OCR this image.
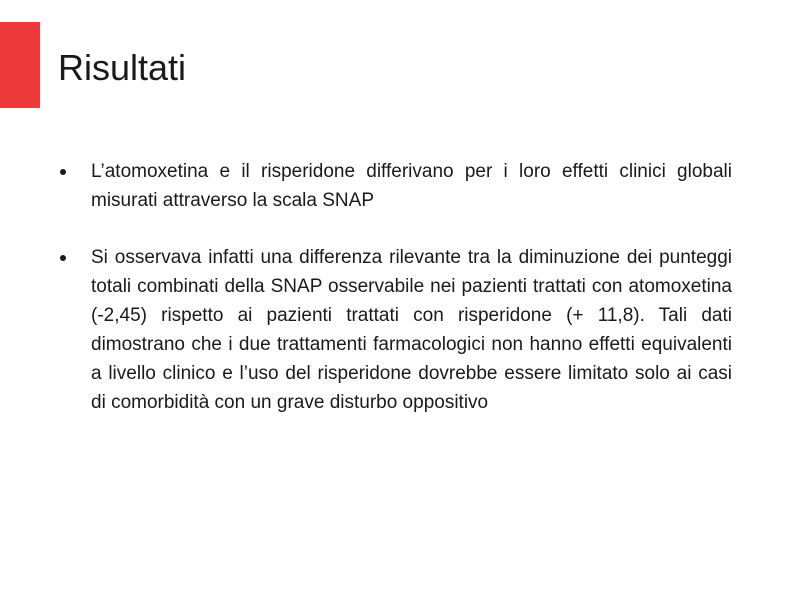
Risultati
L’atomoxetina e il risperidone differivano per i loro effetti clinici globali misurati attraverso la scala SNAP
Si osservava infatti una differenza rilevante tra la diminuzione dei punteggi totali combinati della SNAP osservabile nei pazienti trattati con atomoxetina (-2,45) rispetto ai pazienti trattati con risperidone (+ 11,8). Tali dati dimostrano che i due trattamenti farmacologici non hanno effetti equivalenti a livello clinico e l’uso del risperidone dovrebbe essere limitato solo ai casi di comorbidità con un grave disturbo oppositivo
